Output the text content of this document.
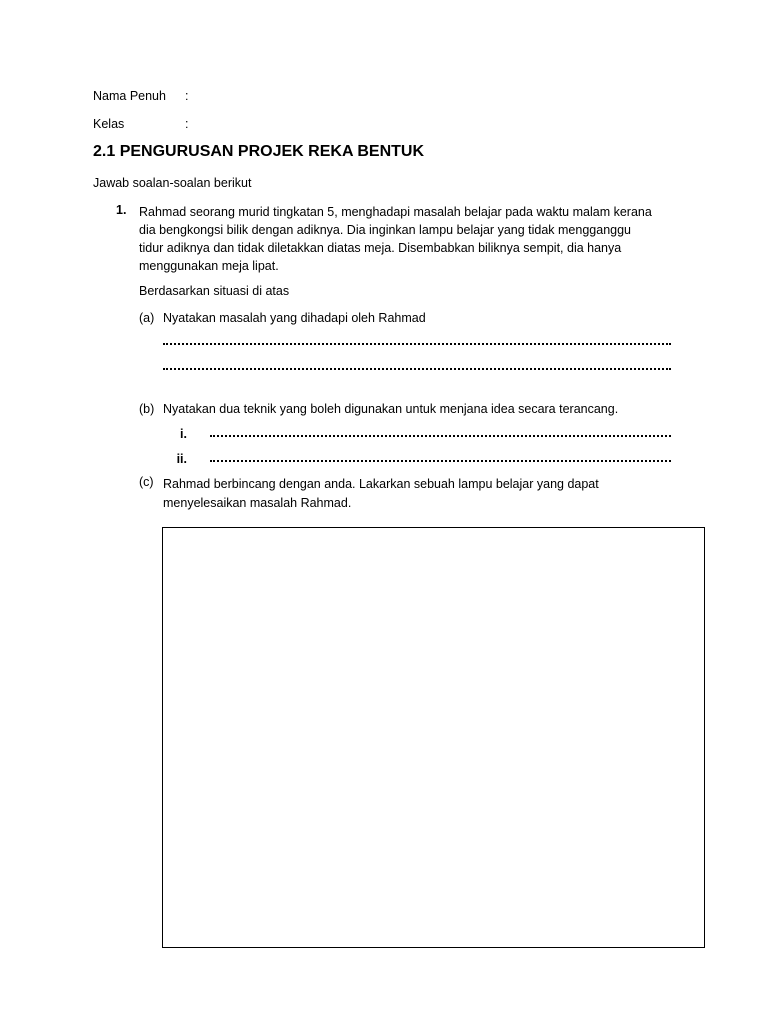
Nama Penuh :
Kelas	:
2.1 PENGURUSAN PROJEK REKA BENTUK
Jawab soalan-soalan berikut
1. Rahmad seorang murid tingkatan 5, menghadapi masalah belajar pada waktu malam kerana
dia bengkongsi bilik dengan adiknya. Dia inginkan lampu belajar yang tidak mengganggu
tidur adiknya dan tidak diletakkan diatas meja. Disembabkan biliknya sempit, dia hanya
menggunakan meja lipat.
Berdasarkan situasi di atas
(a) Nyatakan masalah yang dihadapi oleh Rahmad
(b) Nyatakan dua teknik yang boleh digunakan untuk menjana idea secara terancang.
i.
ii.
(c) Rahmad berbincang dengan anda. Lakarkan sebuah lampu belajar yang dapat
menyelesaikan masalah Rahmad.
